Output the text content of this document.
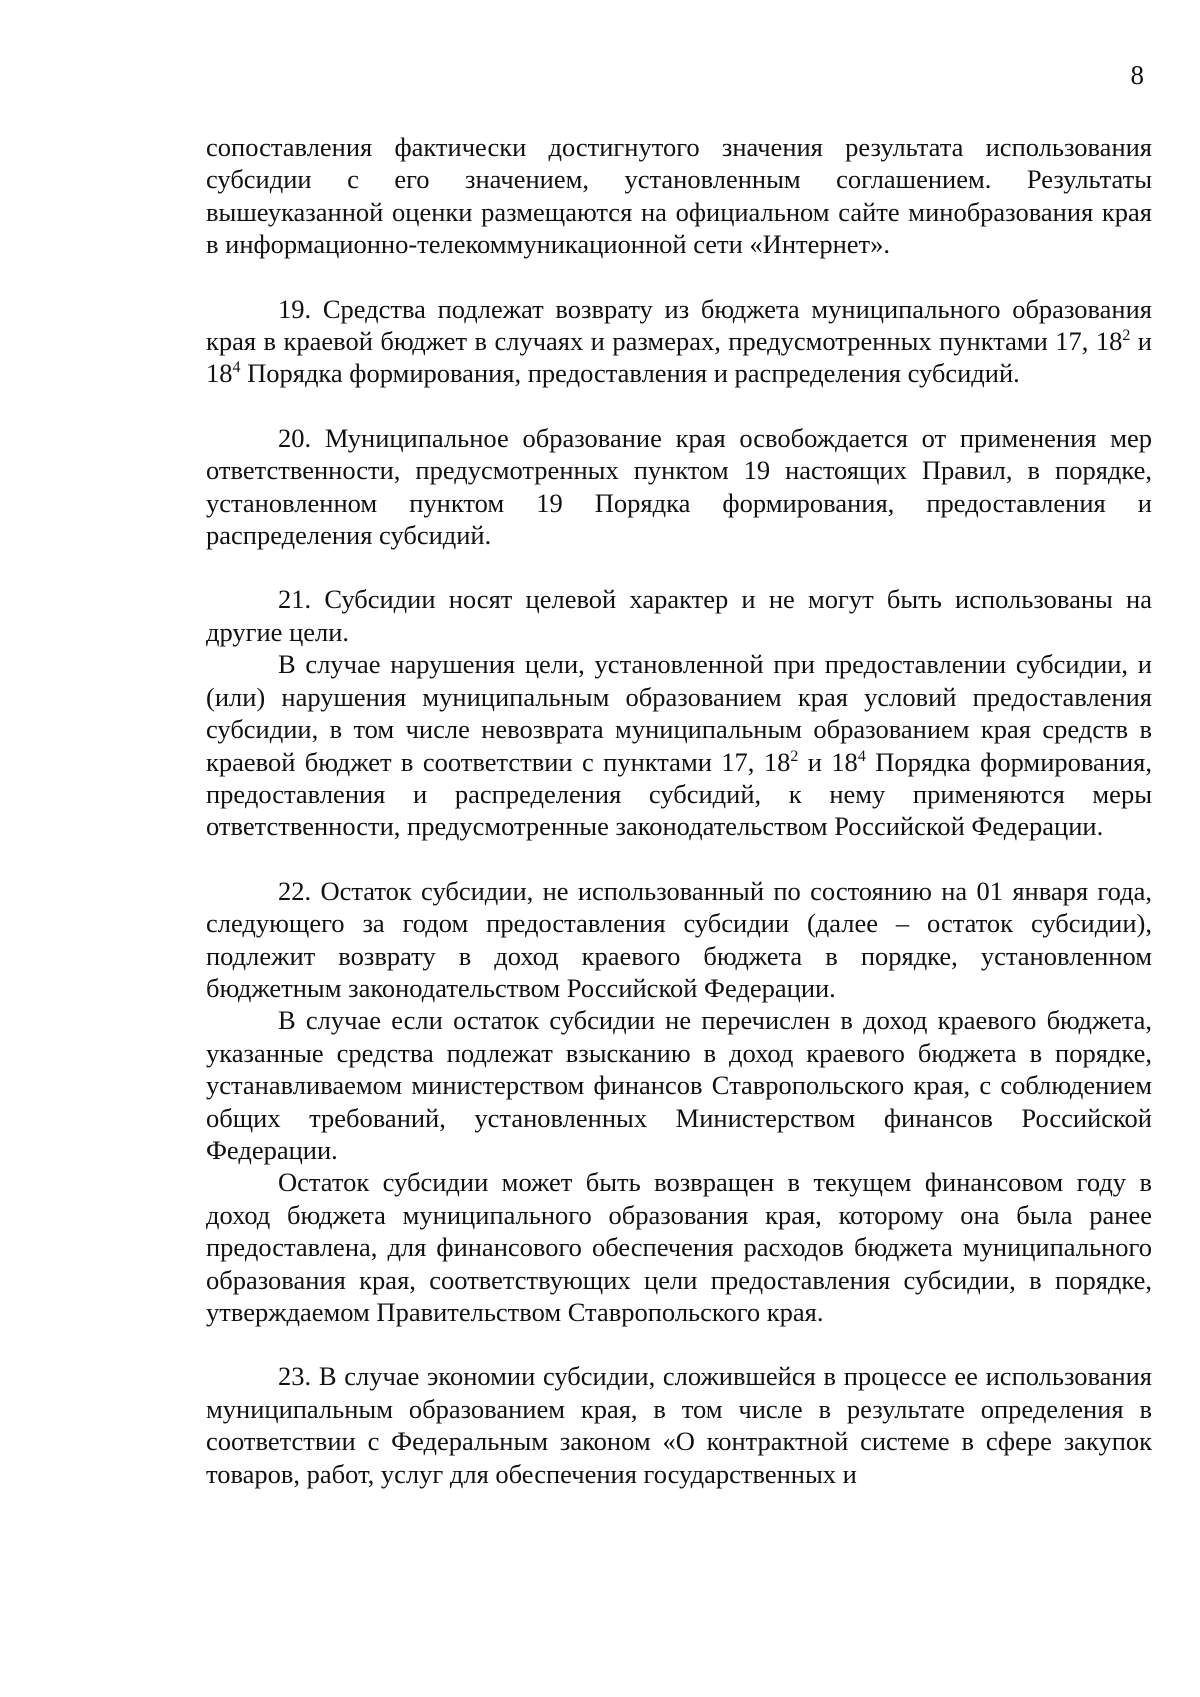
8

сопоставления фактически достигнутого значения результата использования субсидии с его значением, установленным соглашением. Результаты вышеуказанной оценки размещаются на официальном сайте минобразования края в информационно-телекоммуникационной сети «Интернет».

19. Средства подлежат возврату из бюджета муниципального образования края в краевой бюджет в случаях и размерах, предусмотренных пунктами 17, $18^2$ и $18^4$ Порядка формирования, предоставления и распределения субсидий.

20. Муниципальное образование края освобождается от применения мер ответственности, предусмотренных пунктом 19 настоящих Правил, в порядке, установленном пунктом 19 Порядка формирования, предоставления и распределения субсидий.

21. Субсидии носят целевой характер и не могут быть использованы на другие цели.

В случае нарушения цели, установленной при предоставлении субсидии, и (или) нарушения муниципальным образованием края условий предоставления субсидии, в том числе невозврата муниципальным образованием края средств в краевой бюджет в соответствии с пунктами 17, $18^2$ и $18^4$ Порядка формирования, предоставления и распределения субсидий, к нему применяются меры ответственности, предусмотренные законодательством Российской Федерации.

22. Остаток субсидии, не использованный по состоянию на 01 января года, следующего за годом предоставления субсидии (далее – остаток субсидии), подлежит возврату в доход краевого бюджета в порядке, установленном бюджетным законодательством Российской Федерации.

В случае если остаток субсидии не перечислен в доход краевого бюджета, указанные средства подлежат взысканию в доход краевого бюджета в порядке, устанавливаемом министерством финансов Ставропольского края, с соблюдением общих требований, установленных Министерством финансов Российской Федерации.

Остаток субсидии может быть возвращен в текущем финансовом году в доход бюджета муниципального образования края, которому она была ранее предоставлена, для финансового обеспечения расходов бюджета муниципального образования края, соответствующих цели предоставления субсидии, в порядке, утверждаемом Правительством Ставропольского края.

23. В случае экономии субсидии, сложившейся в процессе ее использования муниципальным образованием края, в том числе в результате определения в соответствии с Федеральным законом «О контрактной системе в сфере закупок товаров, работ, услуг для обеспечения государственных и
